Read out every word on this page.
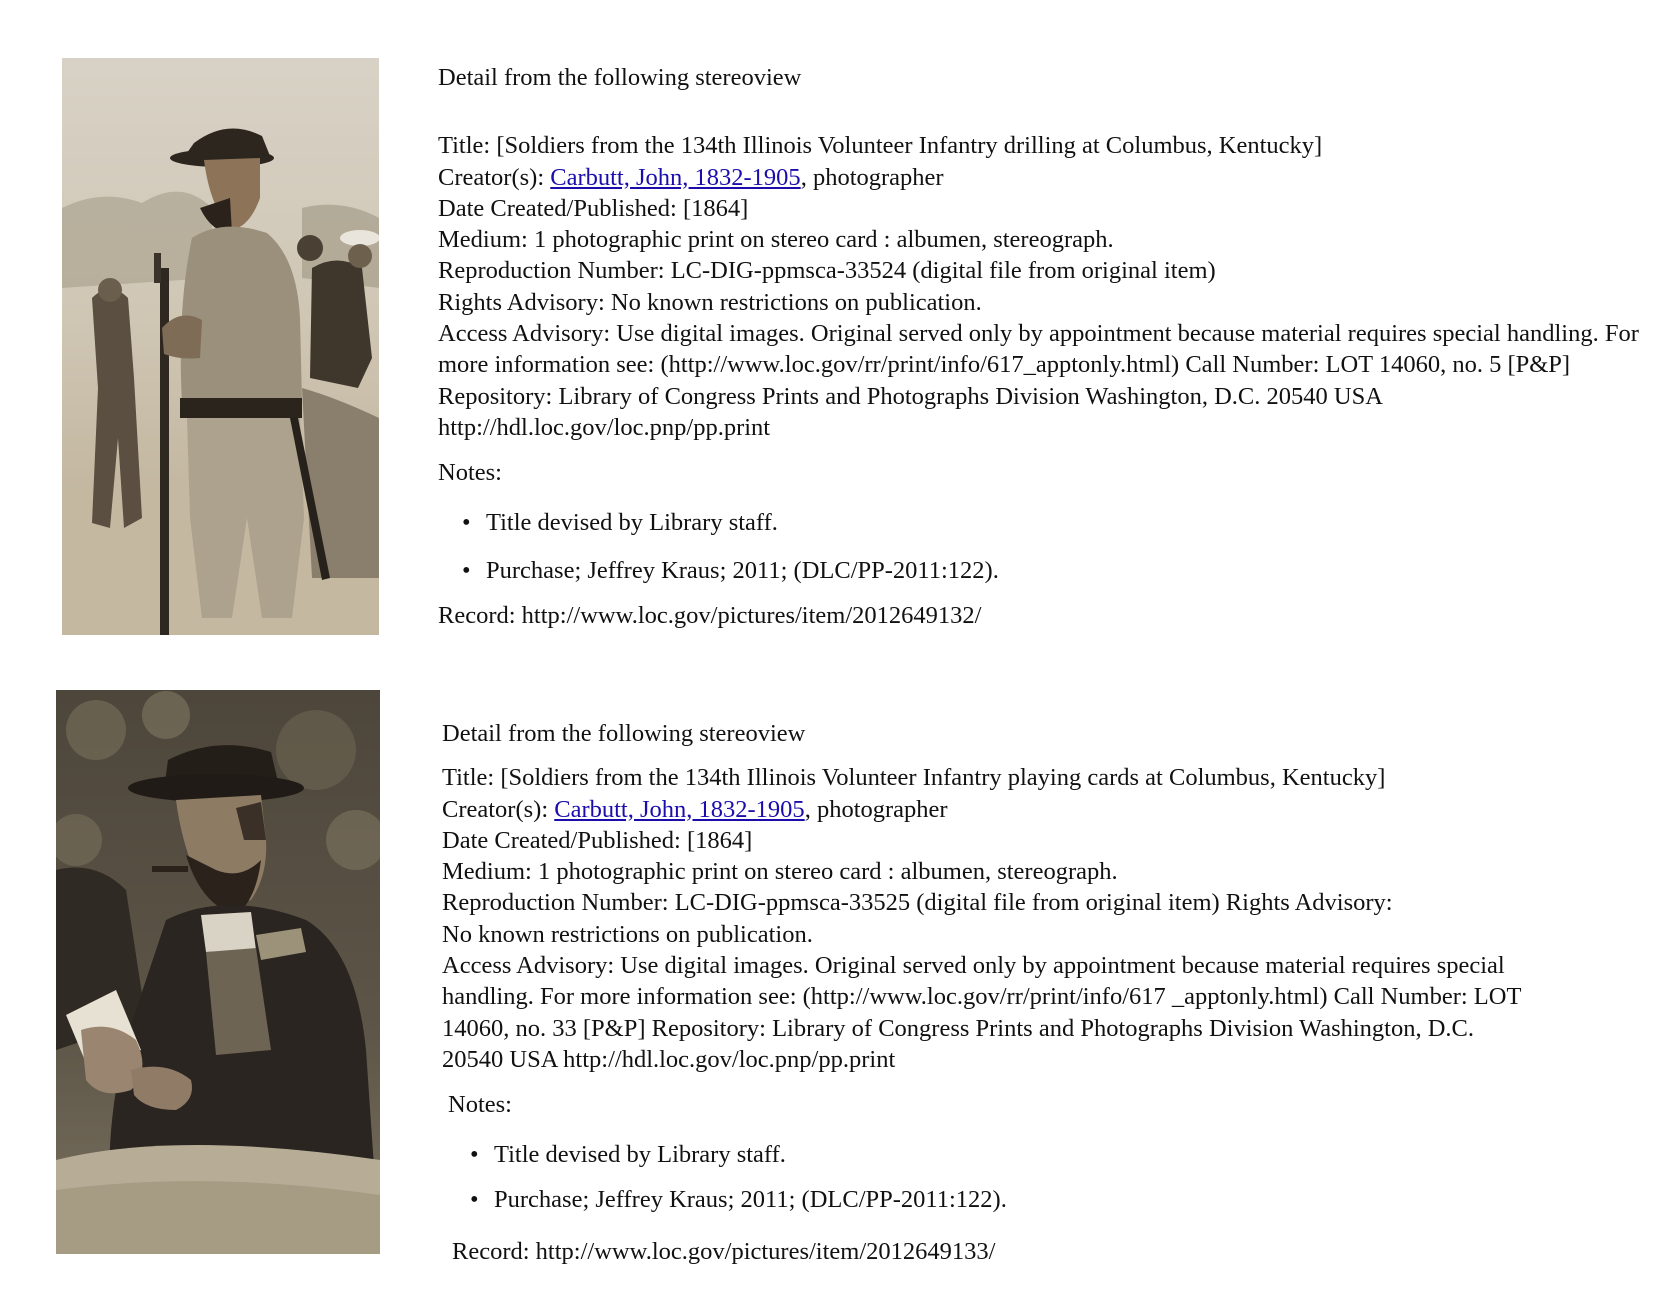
Detail from the following stereoview

Title: [Soldiers from the 134th Illinois Volunteer Infantry drilling at Columbus, Kentucky]

Creator(s): Carbutt, John, 1832-1905, photographer

Date Created/Published: [1864]

Medium: 1 photographic print on stereo card : albumen, stereograph.

Reproduction Number: LC-DIG-ppmsca-33524 (digital file from original item)

Rights Advisory: No known restrictions on publication.

Access Advisory: Use digital images. Original served only by appointment because material requires special handling. For more information see: (http://www.loc.gov/rr/print/info/617_apptonly.html) Call Number: LOT 14060, no. 5 [P&P] Repository: Library of Congress Prints and Photographs Division Washington, D.C. 20540 USA http://hdl.loc.gov/loc.pnp/pp.print

Notes:

• Title devised by Library staff.
• Purchase; Jeffrey Kraus; 2011; (DLC/PP-2011:122).

Record: http://www.loc.gov/pictures/item/2012649132/

Detail from the following stereoview

Title: [Soldiers from the 134th Illinois Volunteer Infantry playing cards at Columbus, Kentucky]

Creator(s): Carbutt, John, 1832-1905, photographer

Date Created/Published: [1864]

Medium: 1 photographic print on stereo card : albumen, stereograph.

Reproduction Number: LC-DIG-ppmsca-33525 (digital file from original item) Rights Advisory:

No known restrictions on publication.

Access Advisory: Use digital images. Original served only by appointment because material requires special handling. For more information see: (http://www.loc.gov/rr/print/info/617 _apptonly.html) Call Number: LOT 14060, no. 33 [P&P] Repository: Library of Congress Prints and Photographs Division Washington, D.C. 20540 USA http://hdl.loc.gov/loc.pnp/pp.print

Notes:

• Title devised by Library staff.
• Purchase; Jeffrey Kraus; 2011; (DLC/PP-2011:122).

Record: http://www.loc.gov/pictures/item/2012649133/
